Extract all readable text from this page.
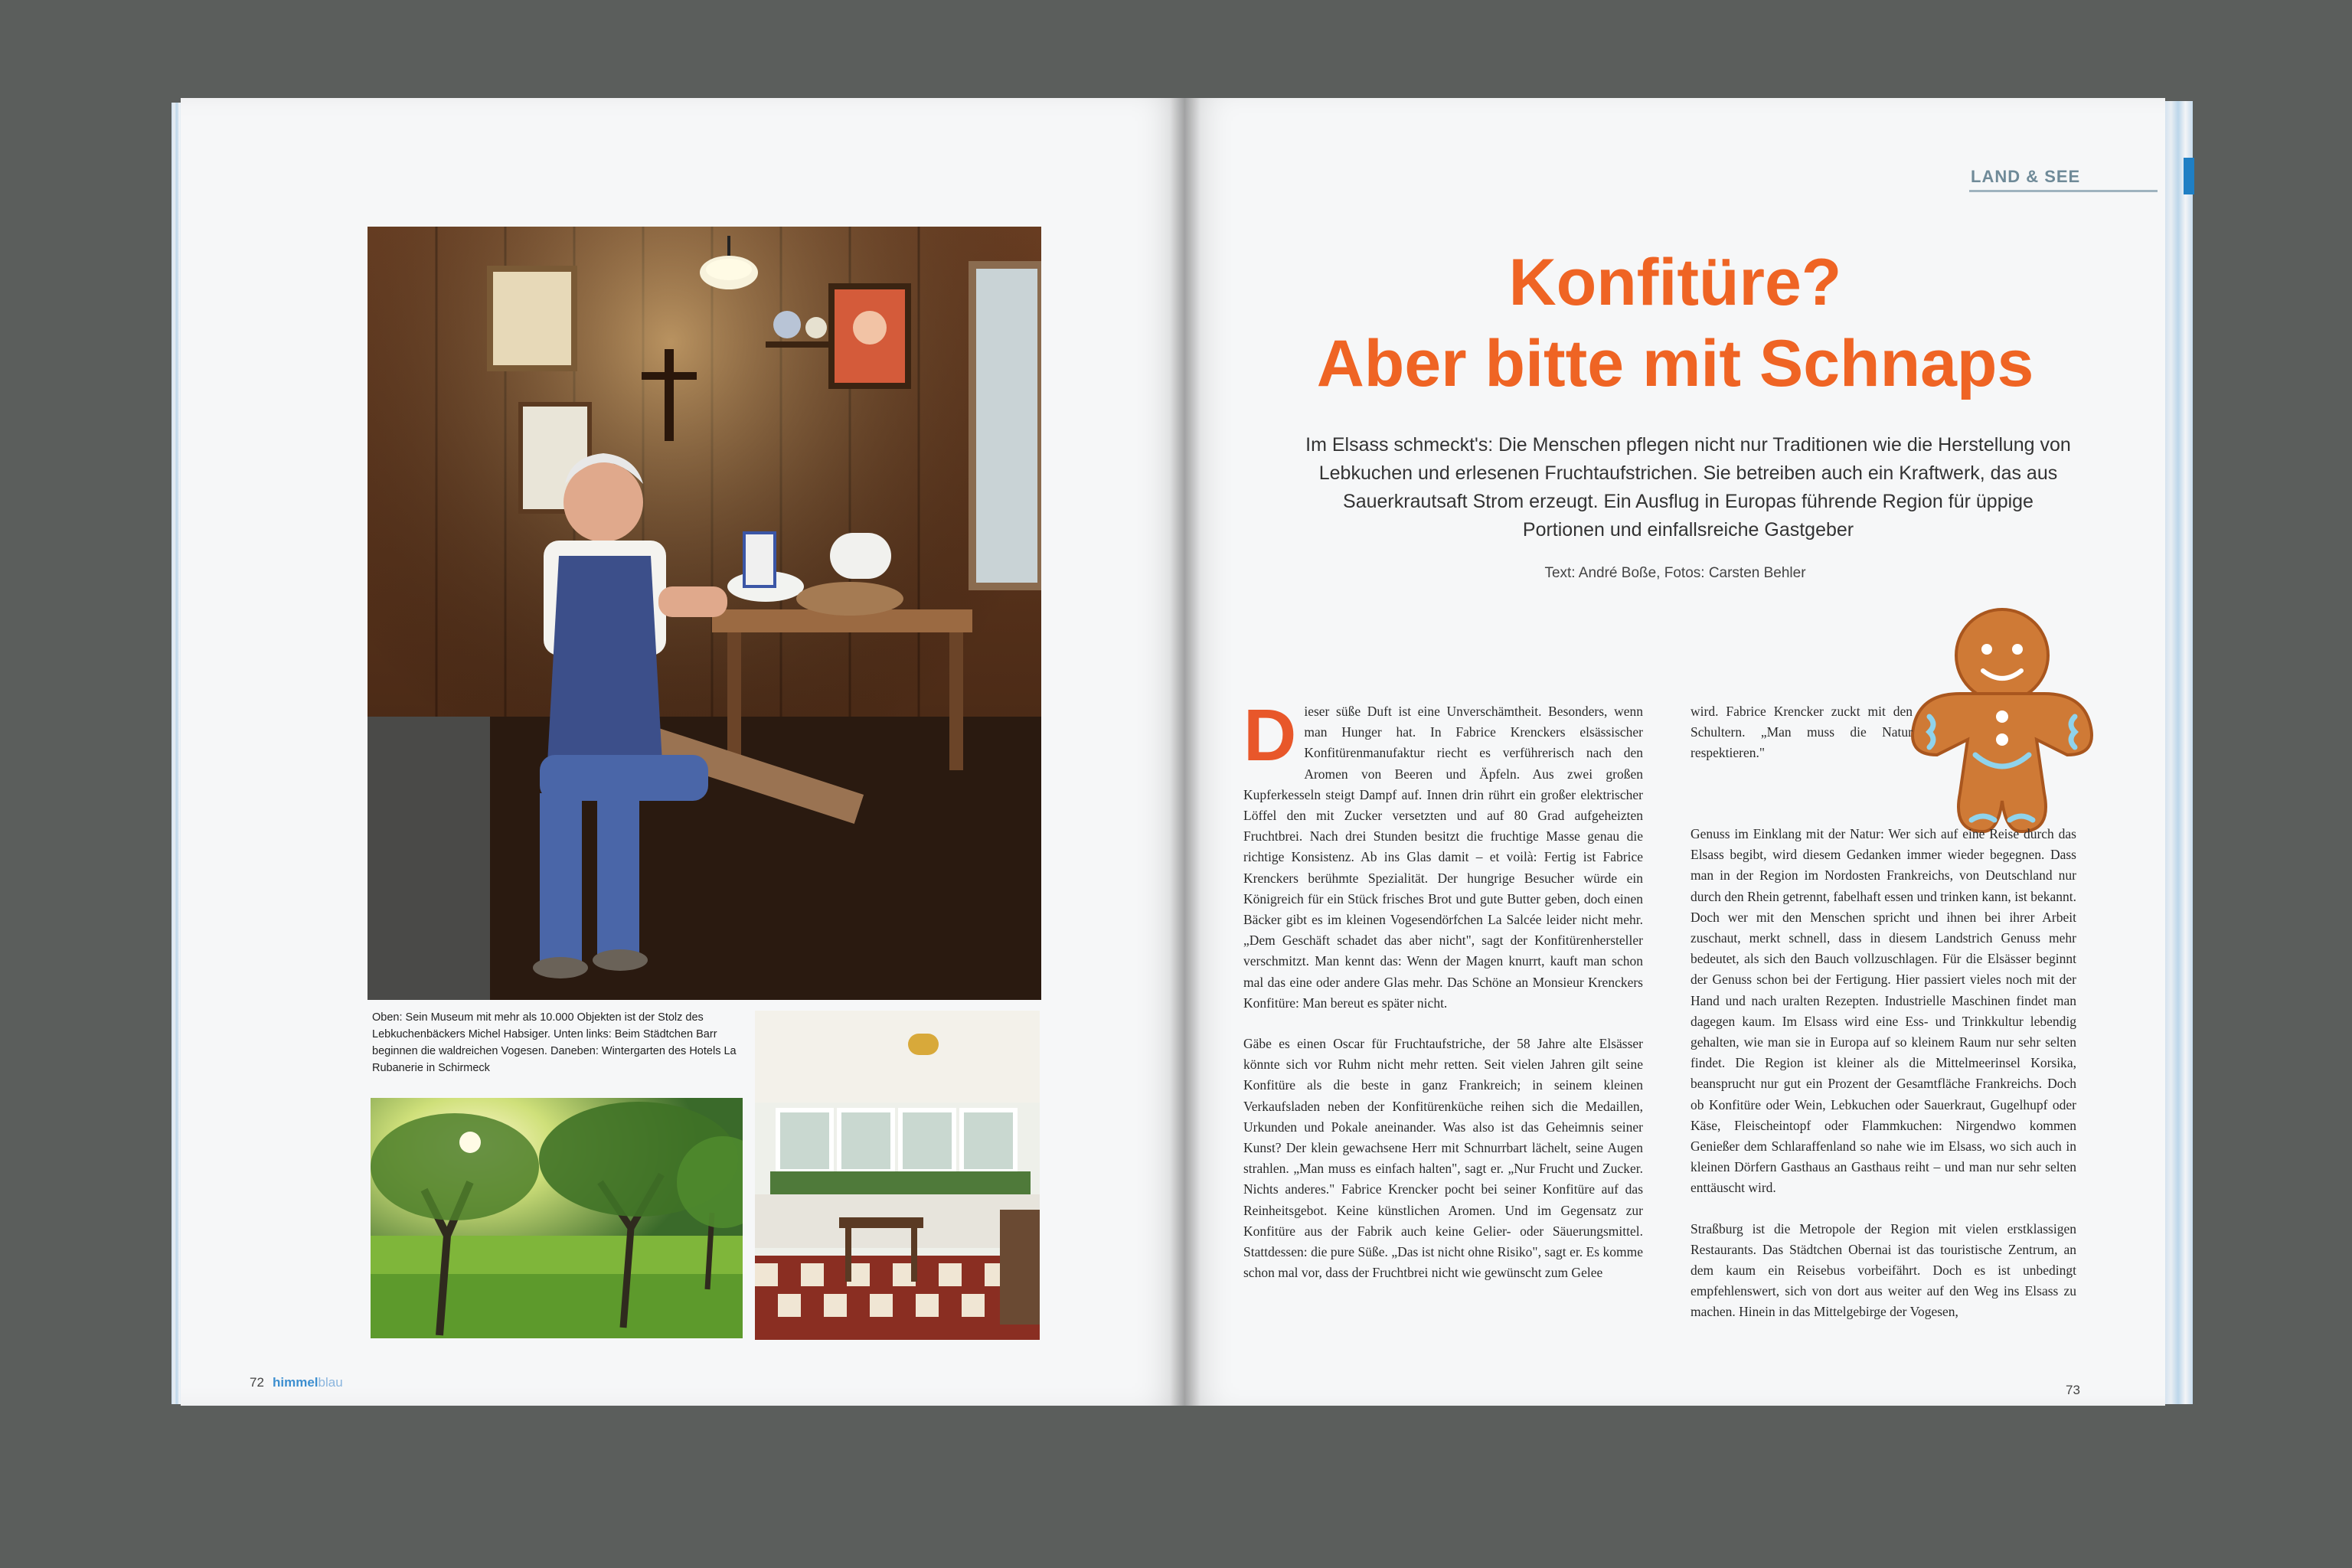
Oben: Sein Museum mit mehr als 10.000 Objekten ist der Stolz des Lebkuchenbäckers Michel Habsiger. Unten links: Beim Städtchen Barr beginnen die waldreichen Vogesen. Daneben: Wintergarten des Hotels La Rubanerie in Schirmeck
72 himmelblau
73
LAND & SEE
Konfitüre?
Aber bitte mit Schnaps
Im Elsass schmeckt's: Die Menschen pflegen nicht nur Traditionen wie die Herstellung von Lebkuchen und erlesenen Fruchtaufstrichen. Sie betreiben auch ein Kraftwerk, das aus Sauerkrautsaft Strom erzeugt. Ein Ausflug in Europas führende Region für üppige Portionen und einfallsreiche Gastgeber
Text: André Boße, Fotos: Carsten Behler

Dieser süße Duft ist eine Unverschämtheit. Besonders, wenn man Hunger hat. In Fabrice Krenckers elsässischer Konfitürenmanufaktur riecht es verführerisch nach den Aromen von Beeren und Äpfeln. Aus zwei großen Kupferkesseln steigt Dampf auf. Innen drin rührt ein großer elektrischer Löffel den mit Zucker versetzten und auf 80 Grad aufgeheizten Fruchtbrei. Nach drei Stunden besitzt die fruchtige Masse genau die richtige Konsistenz. Ab ins Glas damit – et voilà: Fertig ist Fabrice Krenckers berühmte Spezialität. Der hungrige Besucher würde ein Königreich für ein Stück frisches Brot und gute Butter geben, doch einen Bäcker gibt es im kleinen Vogesendörfchen La Salcée leider nicht mehr. „Dem Geschäft schadet das aber nicht", sagt der Konfitürenhersteller verschmitzt. Man kennt das: Wenn der Magen knurrt, kauft man schon mal das eine oder andere Glas mehr. Das Schöne an Monsieur Krenckers Konfitüre: Man bereut es später nicht.

Gäbe es einen Oscar für Fruchtaufstriche, der 58 Jahre alte Elsässer könnte sich vor Ruhm nicht mehr retten. Seit vielen Jahren gilt seine Konfitüre als die beste in ganz Frankreich; in seinem kleinen Verkaufsladen neben der Konfitürenküche reihen sich die Medaillen, Urkunden und Pokale aneinander. Was also ist das Geheimnis seiner Kunst? Der klein gewachsene Herr mit Schnurrbart lächelt, seine Augen strahlen. „Man muss es einfach halten", sagt er. „Nur Frucht und Zucker. Nichts anderes." Fabrice Krencker pocht bei seiner Konfitüre auf das Reinheitsgebot. Keine künstlichen Aromen. Und im Gegensatz zur Konfitüre aus der Fabrik auch keine Gelier- oder Säuerungsmittel. Stattdessen: die pure Süße. „Das ist nicht ohne Risiko", sagt er. Es komme schon mal vor, dass der Fruchtbrei nicht wie gewünscht zum Gelee

wird. Fabrice Krencker zuckt mit den Schultern. „Man muss die Natur respektieren."

Genuss im Einklang mit der Natur: Wer sich auf eine Reise durch das Elsass begibt, wird diesem Gedanken immer wieder begegnen. Dass man in der Region im Nordosten Frankreichs, von Deutschland nur durch den Rhein getrennt, fabelhaft essen und trinken kann, ist bekannt. Doch wer mit den Menschen spricht und ihnen bei ihrer Arbeit zuschaut, merkt schnell, dass in diesem Landstrich Genuss mehr bedeutet, als sich den Bauch vollzuschlagen. Für die Elsässer beginnt der Genuss schon bei der Fertigung. Hier passiert vieles noch mit der Hand und nach uralten Rezepten. Industrielle Maschinen findet man dagegen kaum. Im Elsass wird eine Ess- und Trinkkultur lebendig gehalten, wie man sie in Europa auf so kleinem Raum nur sehr selten findet. Die Region ist kleiner als die Mittelmeerinsel Korsika, beansprucht nur gut ein Prozent der Gesamtfläche Frankreichs. Doch ob Konfitüre oder Wein, Lebkuchen oder Sauerkraut, Gugelhupf oder Käse, Fleischeintopf oder Flammkuchen: Nirgendwo kommen Genießer dem Schlaraffenland so nahe wie im Elsass, wo sich auch in kleinen Dörfern Gasthaus an Gasthaus reiht – und man nur sehr selten enttäuscht wird.

Straßburg ist die Metropole der Region mit vielen erstklassigen Restaurants. Das Städtchen Obernai ist das touristische Zentrum, an dem kaum ein Reisebus vorbeifährt. Doch es ist unbedingt empfehlenswert, sich von dort aus weiter auf den Weg ins Elsass zu machen. Hinein in das Mittelgebirge der Vogesen,
